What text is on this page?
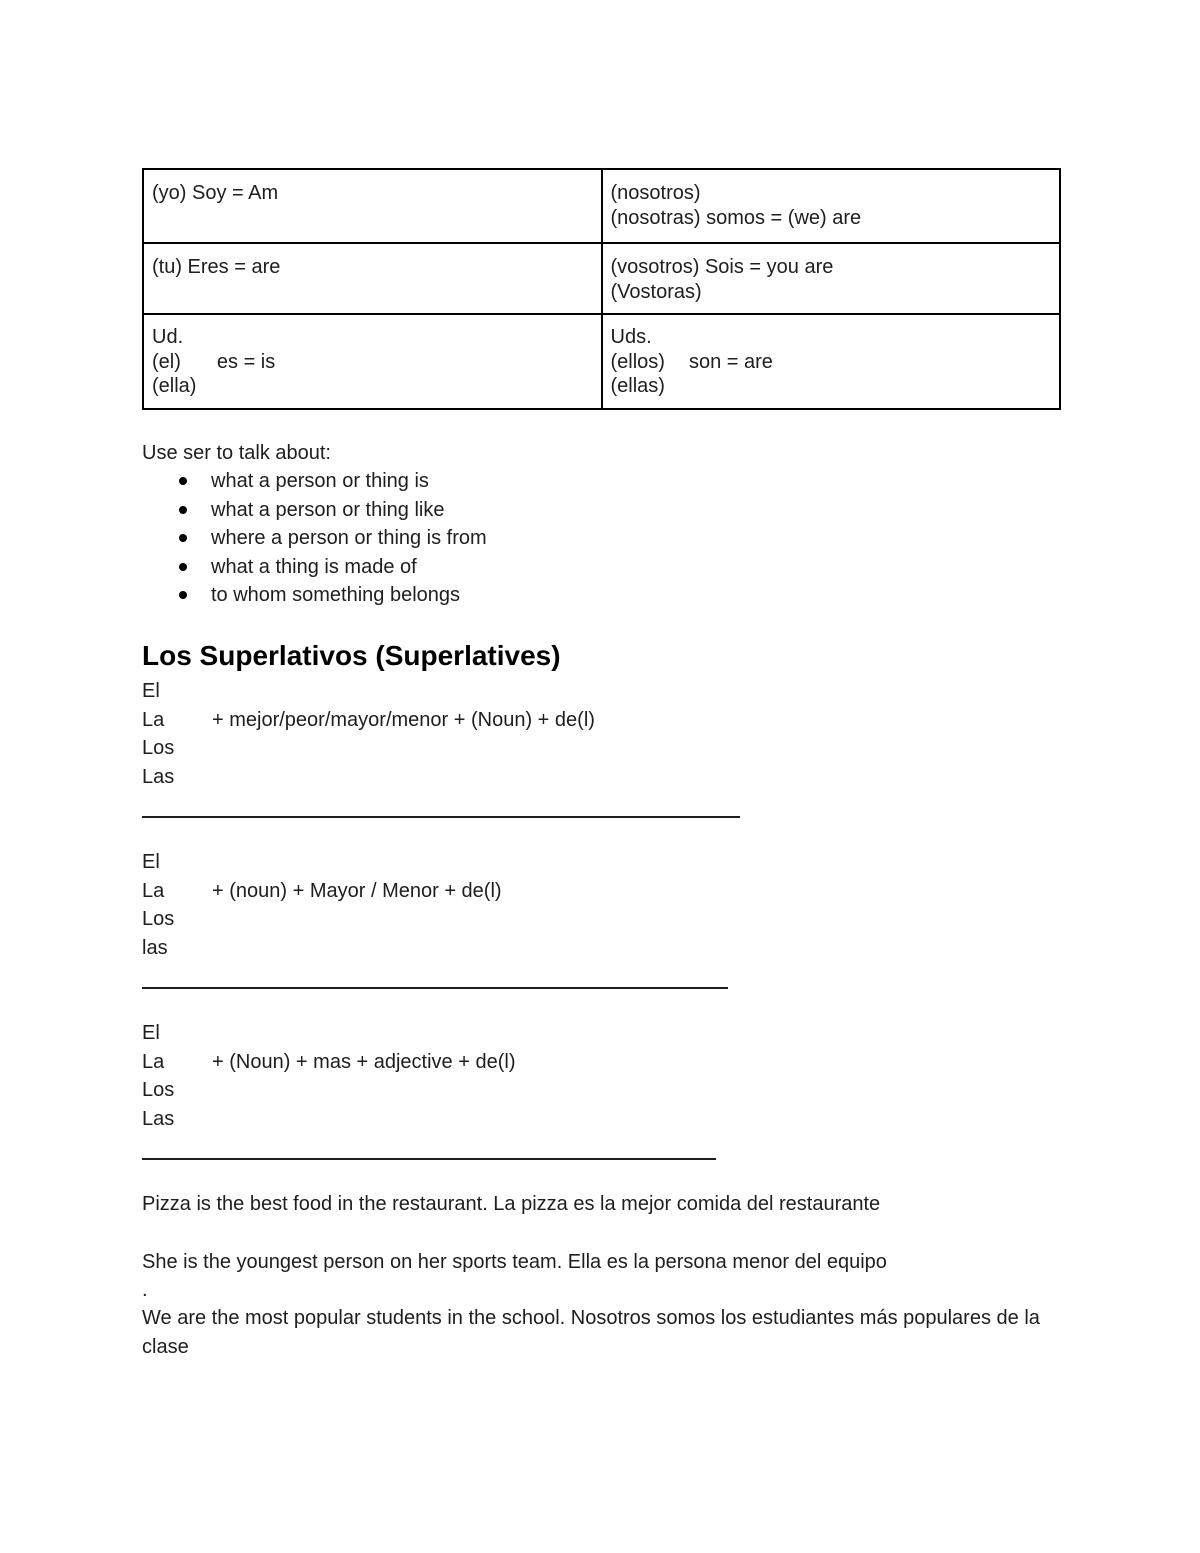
(yo) Soy = Am	(nosotros)
(nosotras) somos = (we) are

(tu) Eres = are	(vosotros) Sois = you are
(Vostoras)

Ud.
(el) es = is
(ella)	Uds.
(ellos) son = are
(ellas)
Use ser to talk about:
what a person or thing is
what a person or thing like
where a person or thing is from
what a thing is made of
to whom something belongs
Los Superlativos (Superlatives)
El
La + mejor/peor/mayor/menor + (Noun) + de(l)
Los
Las
El
La + (noun) + Mayor / Menor + de(l)
Los
las
El
La + (Noun) + mas + adjective + de(l)
Los
Las
Pizza is the best food in the restaurant. La pizza es la mejor comida del restaurante
She is the youngest person on her sports team. Ella es la persona menor del equipo
.
We are the most popular students in the school. Nosotros somos los estudiantes más populares de la clase
